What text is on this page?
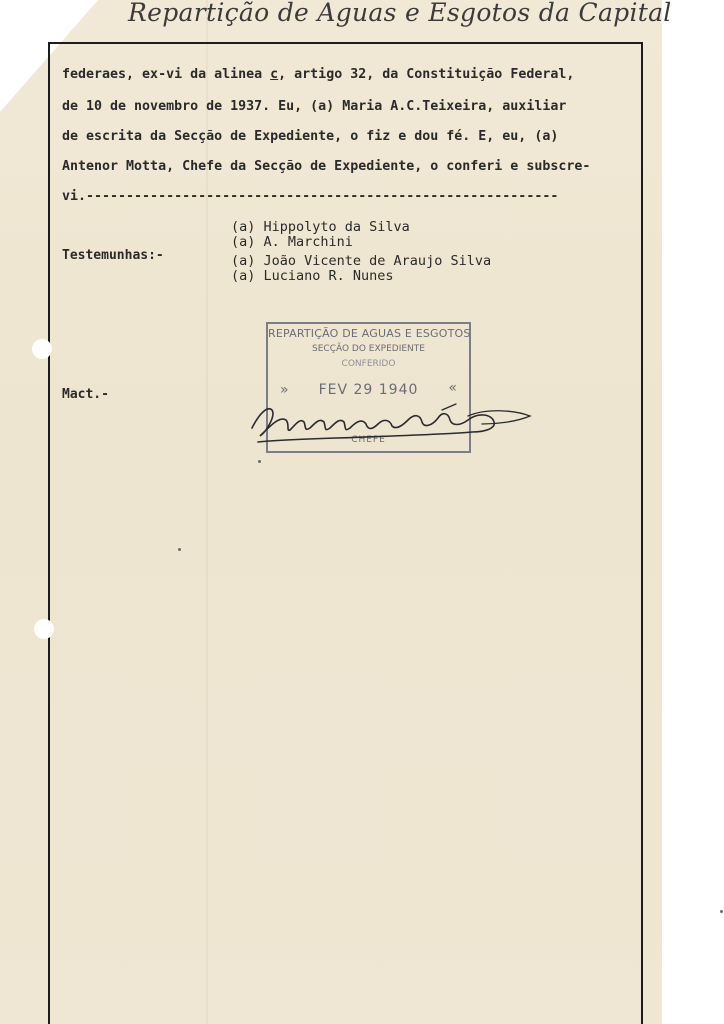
Repartição de Aguas e Esgotos da Capital
federaes, ex-vi da alinea c, artigo 32, da Constituição Federal,
de 10 de novembro de 1937. Eu, (a) Maria A.C.Teixeira, auxiliar
de escrita da Secção de Expediente, o fiz e dou fé. E, eu, (a)
Antenor Motta, Chefe da Secção de Expediente, o conferi e subscre-
vi.-----------------------------------------------------------
(a) Hippolyto da Silva
(a) A. Marchini
Testemunhas:-	(a) João Vicente de Araujo Silva
(a) Luciano R. Nunes
Mact.-
REPARTIÇÃO DE AGUAS E ESGOTOS
SECÇÃO DO EXPEDIENTE
CONFERIDO
»	FEV 29 1940	«
CHEFE
